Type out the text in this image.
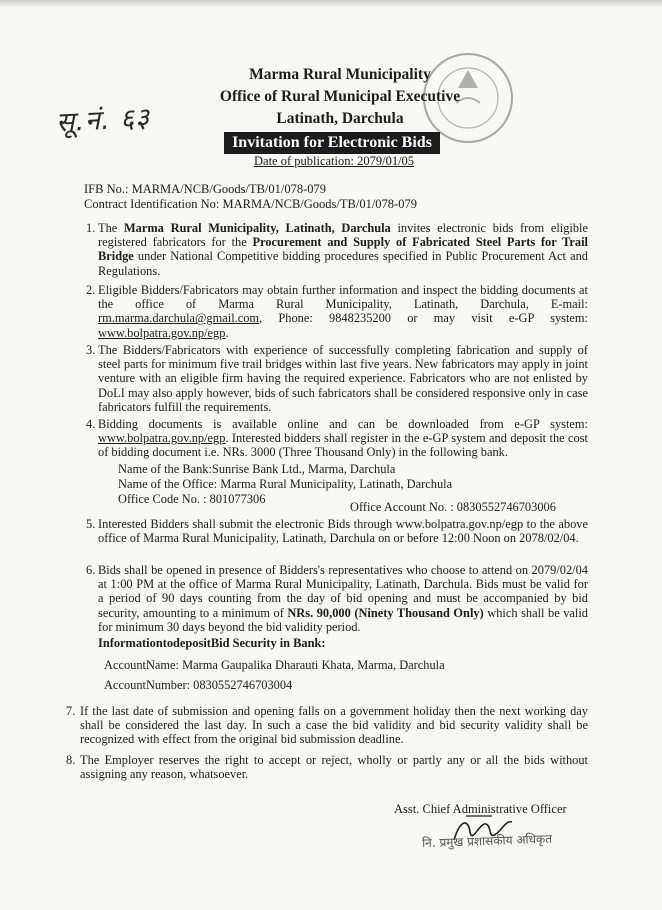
सू.नं. ६३
Marma Rural Municipality
Office of Rural Municipal Executive
Latinath, Darchula
Invitation for Electronic Bids
Date of publication: 2079/01/05
IFB No.: MARMA/NCB/Goods/TB/01/078-079
Contract Identification No: MARMA/NCB/Goods/TB/01/078-079
1. The Marma Rural Municipality, Latinath, Darchula invites electronic bids from eligible registered fabricators for the Procurement and Supply of Fabricated Steel Parts for Trail Bridge under National Competitive bidding procedures specified in Public Procurement Act and Regulations.
2. Eligible Bidders/Fabricators may obtain further information and inspect the bidding documents at the office of Marma Rural Municipality, Latinath, Darchula, E-mail: rm.marma.darchula@gmail.com, Phone: 9848235200 or may visit e-GP system: www.bolpatra.gov.np/egp.
3. The Bidders/Fabricators with experience of successfully completing fabrication and supply of steel parts for minimum five trail bridges within last five years. New fabricators may apply in joint venture with an eligible firm having the required experience. Fabricators who are not enlisted by DoLI may also apply however, bids of such fabricators shall be considered responsive only in case fabricators fulfill the requirements.
4. Bidding documents is available online and can be downloaded from e-GP system: www.bolpatra.gov.np/egp. Interested bidders shall register in the e-GP system and deposit the cost of bidding document i.e. NRs. 3000 (Three Thousand Only) in the following bank.
Name of the Bank:Sunrise Bank Ltd., Marma, Darchula
Name of the Office: Marma Rural Municipality, Latinath, Darchula
Office Code No. : 801077306
Office Account No. : 0830552746703006
5. Interested Bidders shall submit the electronic Bids through www.bolpatra.gov.np/egp to the above office of Marma Rural Municipality, Latinath, Darchula on or before 12:00 Noon on 2078/02/04.
6. Bids shall be opened in presence of Bidders's representatives who choose to attend on 2079/02/04 at 1:00 PM at the office of Marma Rural Municipality, Latinath, Darchula. Bids must be valid for a period of 90 days counting from the day of bid opening and must be accompanied by bid security, amounting to a minimum of NRs. 90,000 (Ninety Thousand Only) which shall be valid for minimum 30 days beyond the bid validity period.
InformationtodepositBid Security in Bank:
AccountName: Marma Gaupalika Dharauti Khata, Marma, Darchula
AccountNumber: 0830552746703004
7. If the last date of submission and opening falls on a government holiday then the next working day shall be considered the last day. In such a case the bid validity and bid security validity shall be recognized with effect from the original bid submission deadline.
8. The Employer reserves the right to accept or reject, wholly or partly any or all the bids without assigning any reason, whatsoever.
Asst. Chief Administrative Officer
नि. प्रमुख प्रशासकीय अधिकृत
